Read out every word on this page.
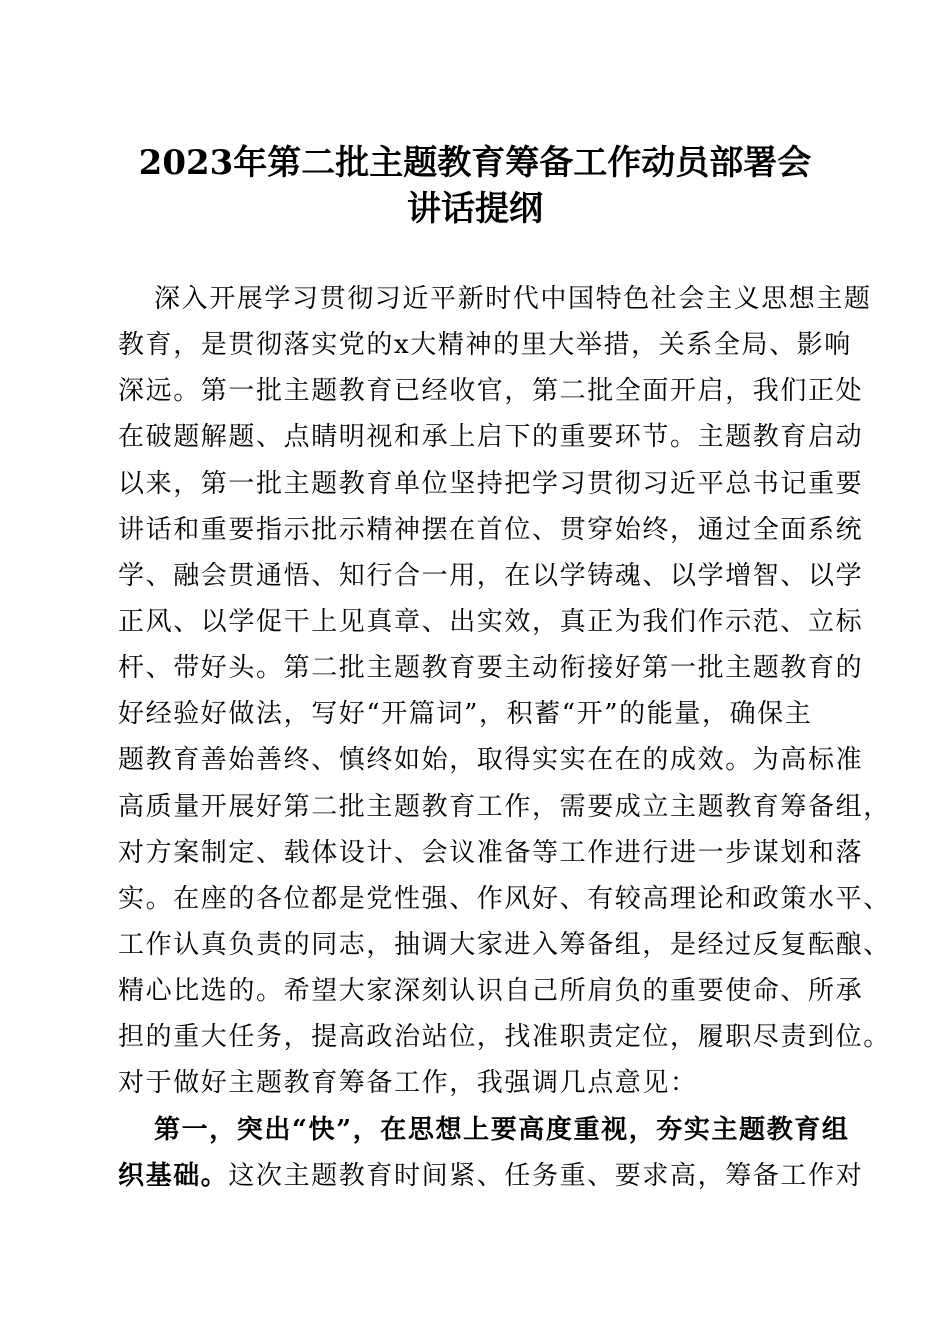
2023年第二批主题教育筹备工作动员部署会
讲话提纲
深入开展学习贯彻习近平新时代中国特色社会主义思想主题
教育，是贯彻落实党的x大精神的里大举措，关系全局、影响
深远。第一批主题教育已经收官，第二批全面开启，我们正处
在破题解题、点睛明视和承上启下的重要环节。主题教育启动
以来，第一批主题教育单位坚持把学习贯彻习近平总书记重要
讲话和重要指示批示精神摆在首位、贯穿始终，通过全面系统
学、融会贯通悟、知行合一用，在以学铸魂、以学增智、以学
正风、以学促干上见真章、出实效，真正为我们作示范、立标
杆、带好头。第二批主题教育要主动衔接好第一批主题教育的
好经验好做法，写好“开篇词”，积蓄“开”的能量，确保主
题教育善始善终、慎终如始，取得实实在在的成效。为高标准
高质量开展好第二批主题教育工作，需要成立主题教育筹备组，
对方案制定、载体设计、会议准备等工作进行进一步谋划和落
实。在座的各位都是党性强、作风好、有较高理论和政策水平、
工作认真负责的同志，抽调大家进入筹备组，是经过反复酝酿、
精心比选的。希望大家深刻认识自己所肩负的重要使命、所承
担的重大任务，提高政治站位，找准职责定位，履职尽责到位。
对于做好主题教育筹备工作，我强调几点意见：
第一，突出“快”，在思想上要高度重视，夯实主题教育组
织基础。这次主题教育时间紧、任务重、要求高，筹备工作对
